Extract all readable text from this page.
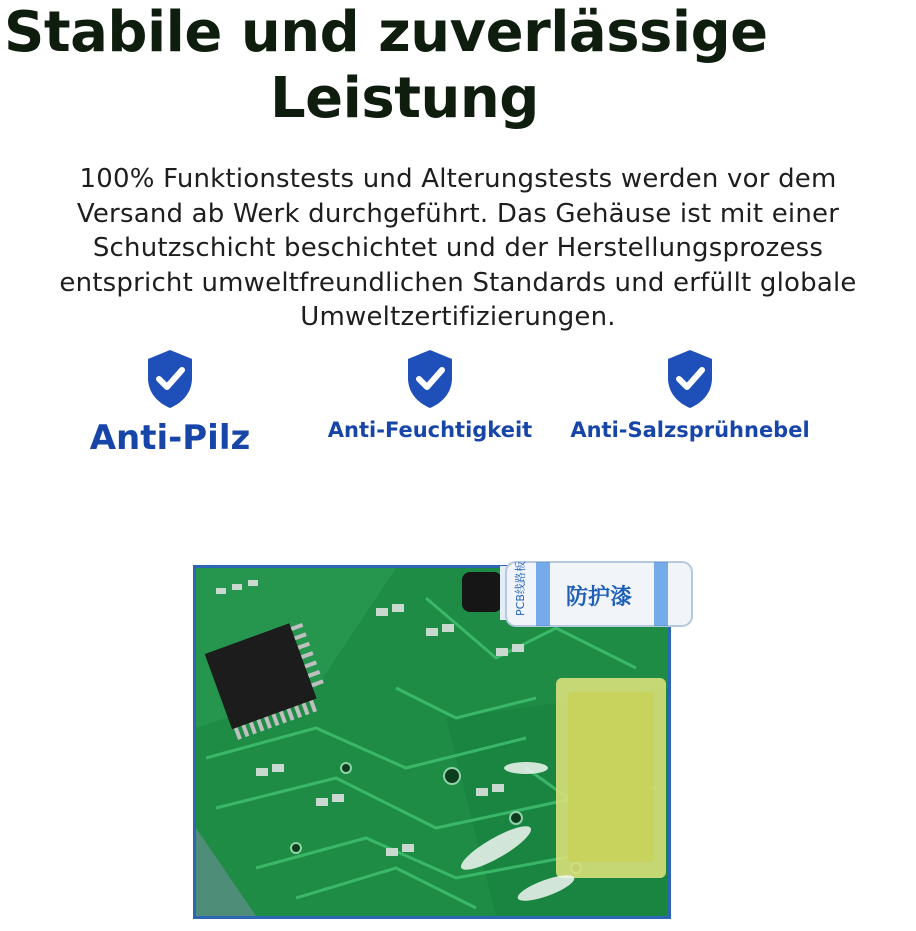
Stabile und zuverlässige
Leistung

100% Funktionstests und Alterungstests werden vor dem
Versand ab Werk durchgeführt. Das Gehäuse ist mit einer
Schutzschicht beschichtet und der Herstellungsprozess
entspricht umweltfreundlichen Standards und erfüllt globale
Umweltzertifizierungen.

Anti-Pilz	Anti-Feuchtigkeit	Anti-Salzsprühnebel
PCB线路板 防护漆
